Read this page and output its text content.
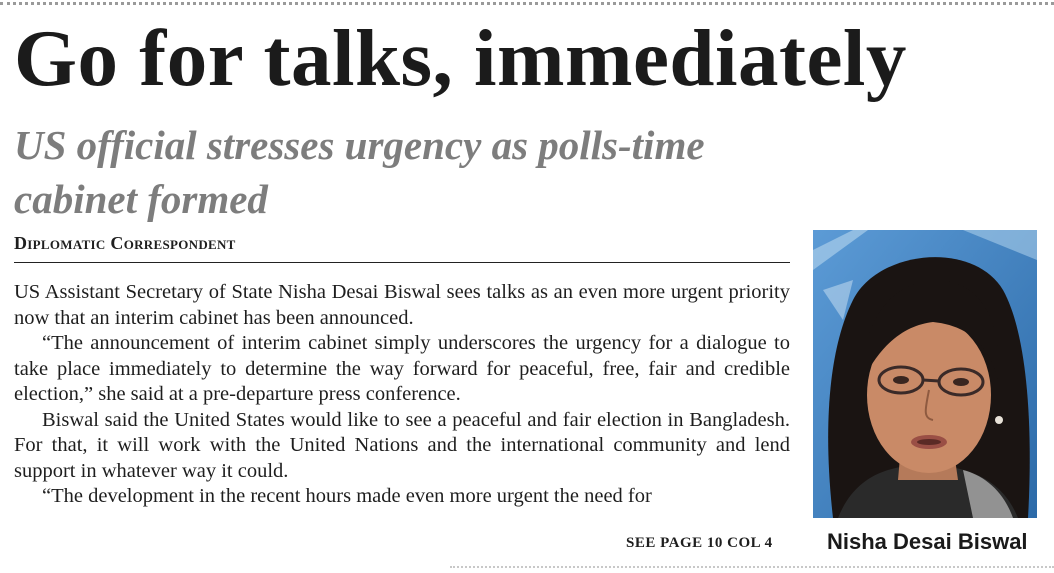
Go for talks, immediately
US official stresses urgency as polls-time cabinet formed
Diplomatic Correspondent

US Assistant Secretary of State Nisha Desai Biswal sees talks as an even more urgent priority now that an interim cabinet has been announced.

“The announcement of interim cabinet simply underscores the urgency for a dialogue to take place immediately to determine the way forward for peaceful, free, fair and credible election,” she said at a pre-departure press conference.

Biswal said the United States would like to see a peaceful and fair election in Bangladesh. For that, it will work with the United Nations and the international community and lend support in whatever way it could.

“The development in the recent hours made even more urgent the need for

SEE PAGE 10 COL 4 Nisha Desai Biswal
